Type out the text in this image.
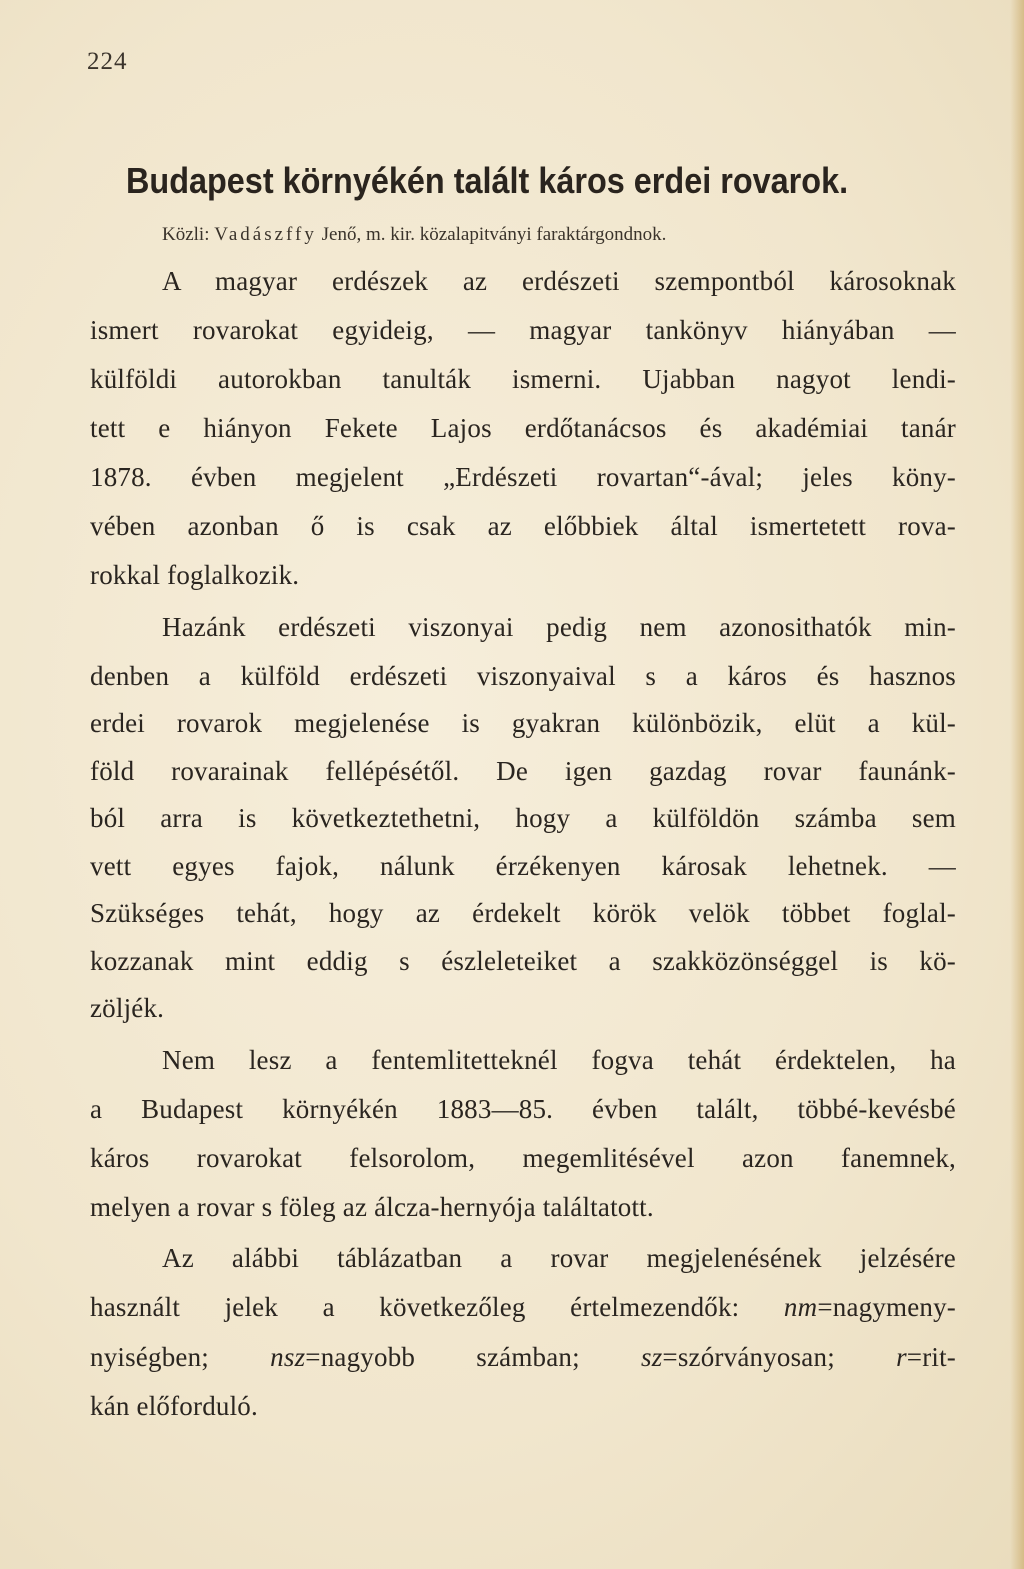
224
Budapest környékén talált káros erdei rovarok.
Közli: Vadászffy Jenő, m. kir. közalapitványi faraktárgondnok.
A magyar erdészek az erdészeti szempontból károsoknak
ismert rovarokat egyideig, — magyar tankönyv hiányában —
külföldi autorokban tanulták ismerni. Ujabban nagyot lendi-
tett e hiányon Fekete Lajos erdőtanácsos és akadémiai tanár
1878. évben megjelent „Erdészeti rovartan“-ával; jeles köny-
vében azonban ő is csak az előbbiek által ismertetett rova-
rokkal foglalkozik.
Hazánk erdészeti viszonyai pedig nem azonosithatók min-
denben a külföld erdészeti viszonyaival s a káros és hasznos
erdei rovarok megjelenése is gyakran különbözik, elüt a kül-
föld rovarainak fellépésétől. De igen gazdag rovar faunánk-
ból arra is következtethetni, hogy a külföldön számba sem
vett egyes fajok, nálunk érzékenyen károsak lehetnek. —
Szükséges tehát, hogy az érdekelt körök velök többet foglal-
kozzanak mint eddig s észleleteiket a szakközönséggel is kö-
zöljék.
Nem lesz a fentemlitetteknél fogva tehát érdektelen, ha
a Budapest környékén 1883—85. évben talált, többé-kevésbé
káros rovarokat felsorolom, megemlitésével azon fanemnek,
melyen a rovar s föleg az álcza-hernyója találtatott.
Az alábbi táblázatban a rovar megjelenésének jelzésére
használt jelek a következőleg értelmezendők: nm=nagymeny-
nyiségben; nsz=nagyobb számban; sz=szórványosan; r=rit-
kán előforduló.
